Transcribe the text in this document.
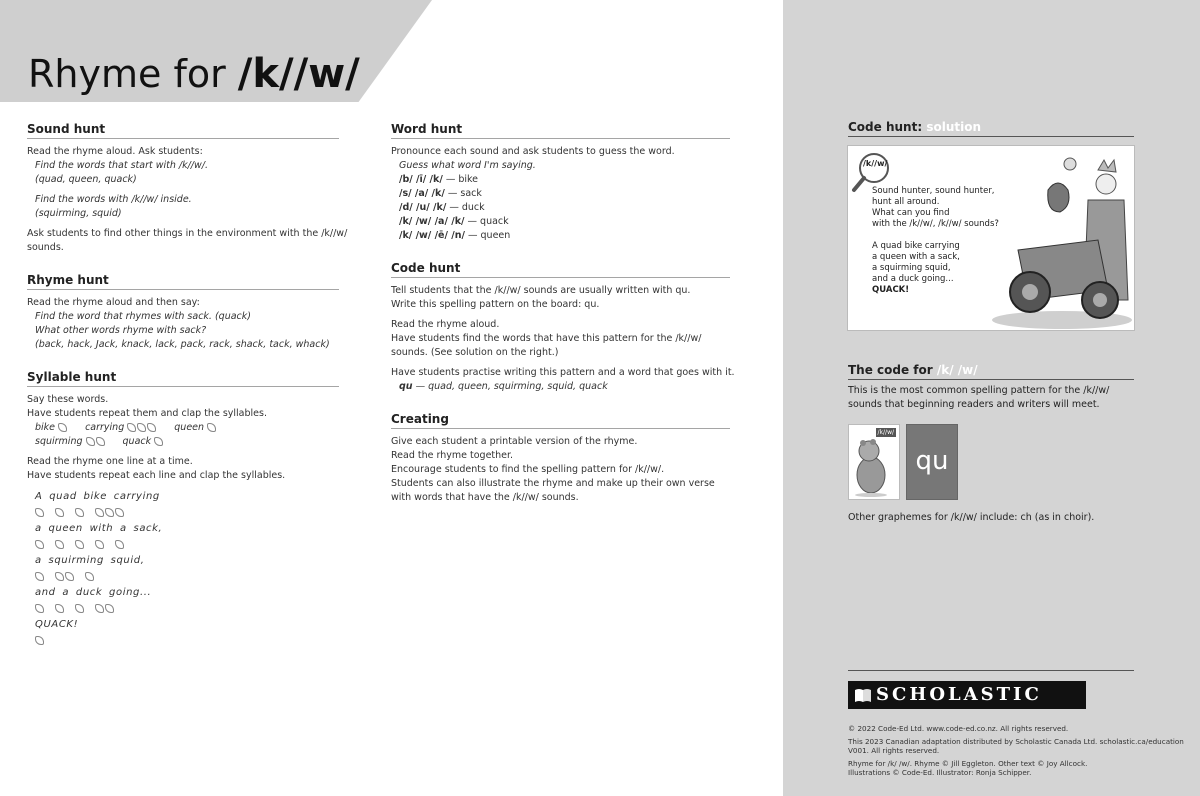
Rhyme for /k//w/
Sound hunt
Read the rhyme aloud. Ask students:
Find the words that start with /k//w/.
(quad, queen, quack)
Find the words with /k//w/ inside.
(squirming, squid)
Ask students to find other things in the environment with the /k//w/
sounds.
Rhyme hunt
Read the rhyme aloud and then say:
Find the word that rhymes with sack. (quack)
What other words rhyme with sack?
(back, hack, Jack, knack, lack, pack, rack, shack, tack, whack)
Syllable hunt
Say these words.
Have students repeat them and clap the syllables.
bike	carrying	queen
squirming	quack
Read the rhyme one line at a time.
Have students repeat each line and clap the syllables.
A quad bike carrying
a queen with a sack,
a squirming squid,
and a duck going...
QUACK!
Word hunt
Pronounce each sound and ask students to guess the word.
Guess what word I'm saying.
/b/ /ī/ /k/ — bike
/s/ /a/ /k/ — sack
/d/ /u/ /k/ — duck
/k/ /w/ /a/ /k/ — quack
/k/ /w/ /ē/ /n/ — queen
Code hunt
Tell students that the /k//w/ sounds are usually written with qu.
Write this spelling pattern on the board: qu.
Read the rhyme aloud.
Have students find the words that have this pattern for the /k//w/
sounds. (See solution on the right.)
Have students practise writing this pattern and a word that goes with it.
qu — quad, queen, squirming, squid, quack
Creating
Give each student a printable version of the rhyme.
Read the rhyme together.
Encourage students to find the spelling pattern for /k//w/.
Students can also illustrate the rhyme and make up their own verse
with words that have the /k//w/ sounds.
Code hunt: solution
/k//w/
Sound hunter, sound hunter,
hunt all around.
What can you find
with the /k//w/, /k//w/ sounds?
A quad bike carrying
a queen with a sack,
a squirming squid,
and a duck going...
QUACK!
The code for /k/ /w/
This is the most common spelling pattern for the /k//w/
sounds that beginning readers and writers will meet.
/k//w/
qu
Other graphemes for /k//w/ include: ch (as in choir).
SCHOLASTIC
© 2022 Code-Ed Ltd. www.code-ed.co.nz. All rights reserved.
This 2023 Canadian adaptation distributed by Scholastic Canada Ltd. scholastic.ca/education
V001. All rights reserved.
Rhyme for /k/ /w/. Rhyme © Jill Eggleton. Other text © Joy Allcock.
Illustrations © Code-Ed. Illustrator: Ronja Schipper.
